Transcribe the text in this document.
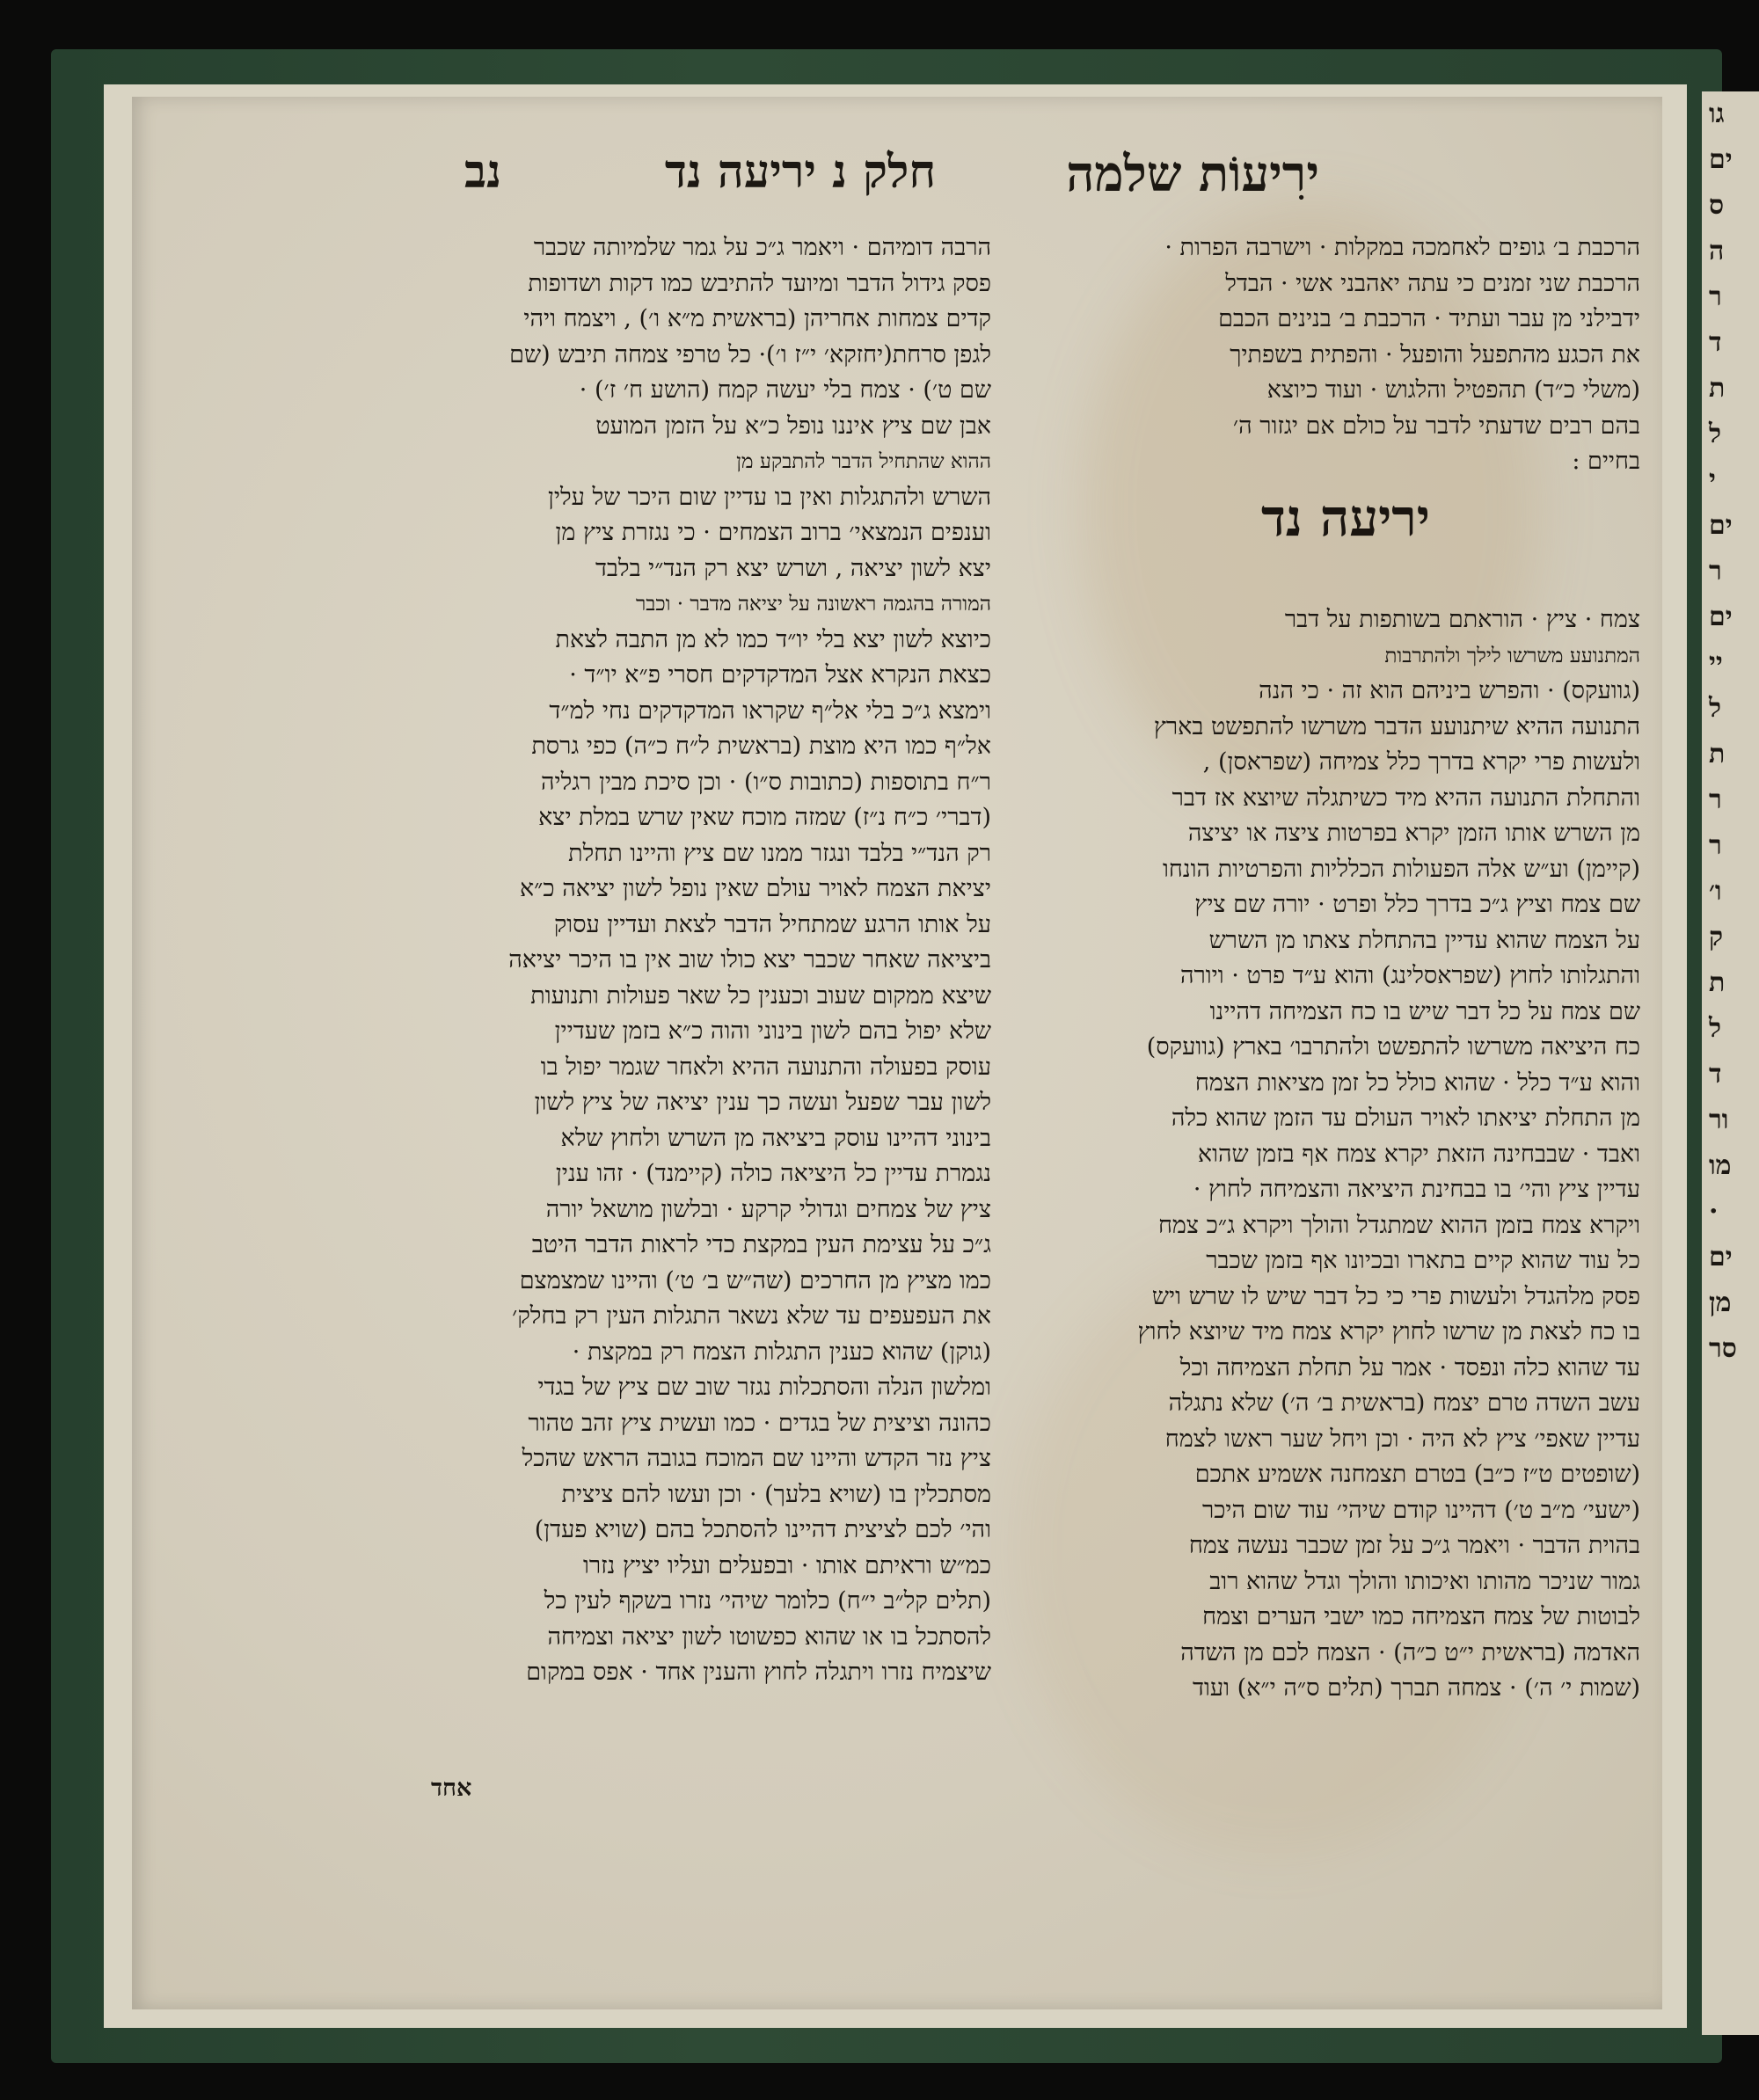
גו
ים
ס
ה
ר
ד
ת
ל
י
ים
ר
ים
יי
ל
ת
ר
ר
ו׳
ק
ת
ל
ד
ור
מו
·
ים
מן
סר
ירִיעוֹת שלמה
חלק נ יריעה נד
נב
הרכבת ב׳ גופים לאחמכה במקלות · וישרבה הפרות ·
הרכבת שני זמנים כי עתה יאהבני אשי · הבדל
ידבילני מן עבר ועתיד · הרכבת ב׳ בנינים הכבם
את הכגע מהתפעל והופעל · והפתית בשפתיך
(משלי כ״ד) תהפטיל והלגוש · ועוד כיוצא
בהם רבים שדעתי לדבר על כולם אם יגזור ה׳
בחיים :
יריעה נד
צמח · ציץ · הוראתם בשותפות על דבר
המתנועע משרשו לילך ולהתרבות
(גוועקס) · והפרש ביניהם הוא זה · כי הנה
התנועה ההיא שיתנועע הדבר משרשו להתפשט בארץ
ולעשות פרי יקרא בדרך כלל צמיחה (שפראסן) ,
והתחלת התנועה ההיא מיד כשיתגלה שיוצא אז דבר
מן השרש אותו הזמן יקרא בפרטות ציצה או יציצה
(קיימן) וע״ש אלה הפעולות הכלליות והפרטיות הונחו
שם צמח וציץ ג״כ בדרך כלל ופרט · יורה שם ציץ
על הצמח שהוא עדיין בהתחלת צאתו מן השרש
והתגלותו לחוץ (שפראסלינג) והוא ע״ד פרט · ויורה
שם צמח על כל דבר שיש בו כח הצמיחה דהיינו
כח היציאה משרשו להתפשט ולהתרבו׳ בארץ (גוועקס)
והוא ע״ד כלל · שהוא כולל כל זמן מציאות הצמח
מן התחלת יציאתו לאויר העולם עד הזמן שהוא כלה
ואבד · שבבחינה הזאת יקרא צמח אף בזמן שהוא
עדיין ציץ והי׳ בו בבחינת היציאה והצמיחה לחוץ ·
ויקרא צמח בזמן ההוא שמתגדל והולך ויקרא ג״כ צמח
כל עוד שהוא קיים בתארו ובכיונו אף בזמן שכבר
פסק מלהגדל ולעשות פרי כי כל דבר שיש לו שרש ויש
בו כח לצאת מן שרשו לחוץ יקרא צמח מיד שיוצא לחוץ
עד שהוא כלה ונפסד · אמר על תחלת הצמיחה וכל
עשב השדה טרם יצמח (בראשית ב׳ ה׳) שלא נתגלה
עדיין שאפי׳ ציץ לא היה · וכן ויחל שער ראשו לצמח
(שופטים ט״ז כ״ב) בטרם תצמחנה אשמיע אתכם
(ישעי׳ מ״ב ט׳) דהיינו קודם שיהי׳ עוד שום היכר
בהוית הדבר · ויאמר ג״כ על זמן שכבר נעשה צמח
גמור שניכר מהותו ואיכותו והולך וגדל שהוא רוב
לבוטות של צמח הצמיחה כמו ישבי הערים וצמח
האדמה (בראשית י״ט כ״ה) · הצמח לכם מן השדה
(שמות י׳ ה׳) · צמחה תברך (תלים ס״ה י״א) ועוד
הרבה דומיהם · ויאמר ג״כ על גמר שלמיותה שכבר
פסק גידול הדבר ומיועד להתיבש כמו דקות ושדופות
קדים צמחות אחריהן (בראשית מ״א ו׳) , ויצמח ויהי
לגפן סרחת(יחזקא׳ י״ז ו׳)· כל טרפי צמחה תיבש (שם
שם ט׳) · צמח בלי יעשה קמח (הושע ח׳ ז׳) ·
אבן שם ציץ איננו נופל כ״א על הזמן המועט
ההוא שהתחיל הדבר להתבקע מן
השרש ולהתגלות ואין בו עדיין שום היכר של עלין
וענפים הנמצאי׳ ברוב הצמחים · כי נגזרת ציץ מן
יצא לשון יציאה , ושרש יצא רק הנד״י בלבד
המורה בהגמה ראשונה על יציאה מדבר · וכבר
כיוצא לשון יצא בלי יו״ד כמו לא מן התבה לצאת
כצאת הנקרא אצל המדקדקים חסרי פ״א יו״ד ·
וימצא ג״כ בלי אל״ף שקראו המדקדקים נחי למ״ד
אל״ף כמו היא מוצת (בראשית ל״ח כ״ה) כפי גרסת
ר״ח בתוספות (כתובות ס״ו) · וכן סיכת מבין רגליה
(דברי׳ כ״ח נ״ז) שמזה מוכח שאין שרש במלת יצא
רק הנד״י בלבד ונגזר ממנו שם ציץ והיינו תחלת
יציאת הצמח לאויר עולם שאין נופל לשון יציאה כ״א
על אותו הרגע שמתחיל הדבר לצאת ועדיין עסוק
ביציאה שאחר שכבר יצא כולו שוב אין בו היכר יציאה
שיצא ממקום שעוב וכענין כל שאר פעולות ותנועות
שלא יפול בהם לשון בינוני והוה כ״א בזמן שעדיין
עוסק בפעולה והתנועה ההיא ולאחר שגמר יפול בו
לשון עבר שפעל ועשה כך ענין יציאה של ציץ לשון
בינוני דהיינו עוסק ביציאה מן השרש ולחוץ שלא
נגמרת עדיין כל היציאה כולה (קיימנד) · זהו ענין
ציץ של צמחים וגדולי קרקע · ובלשון מושאל יורה
ג״כ על עצימת העין במקצת כדי לראות הדבר היטב
כמו מציץ מן החרכים (שה״ש ב׳ ט׳) והיינו שמצמצם
את העפעפים עד שלא נשאר התגלות העין רק בחלק׳
(גוקן) שהוא כענין התגלות הצמח רק במקצת ·
ומלשון הנלה והסתכלות נגזר שוב שם ציץ של בגדי
כהונה וציצית של בגדים · כמו ועשית ציץ זהב טהור
ציץ נזר הקדש והיינו שם המוכח בגובה הראש שהכל
מסתכלין בו (שויא בלעך) · וכן ועשו להם ציצית
והי׳ לכם לציצית דהיינו להסתכל בהם (שויא פעדן)
כמ״ש וראיתם אותו · ובפעלים ועליו יציץ נזרו
(תלים קל״ב י״ח) כלומר שיהי׳ נזרו בשקף לעין כל
להסתכל בו או שהוא כפשוטו לשון יציאה וצמיחה
שיצמיח נזרו ויתגלה לחוץ והענין אחד · אפס במקום
אחד
